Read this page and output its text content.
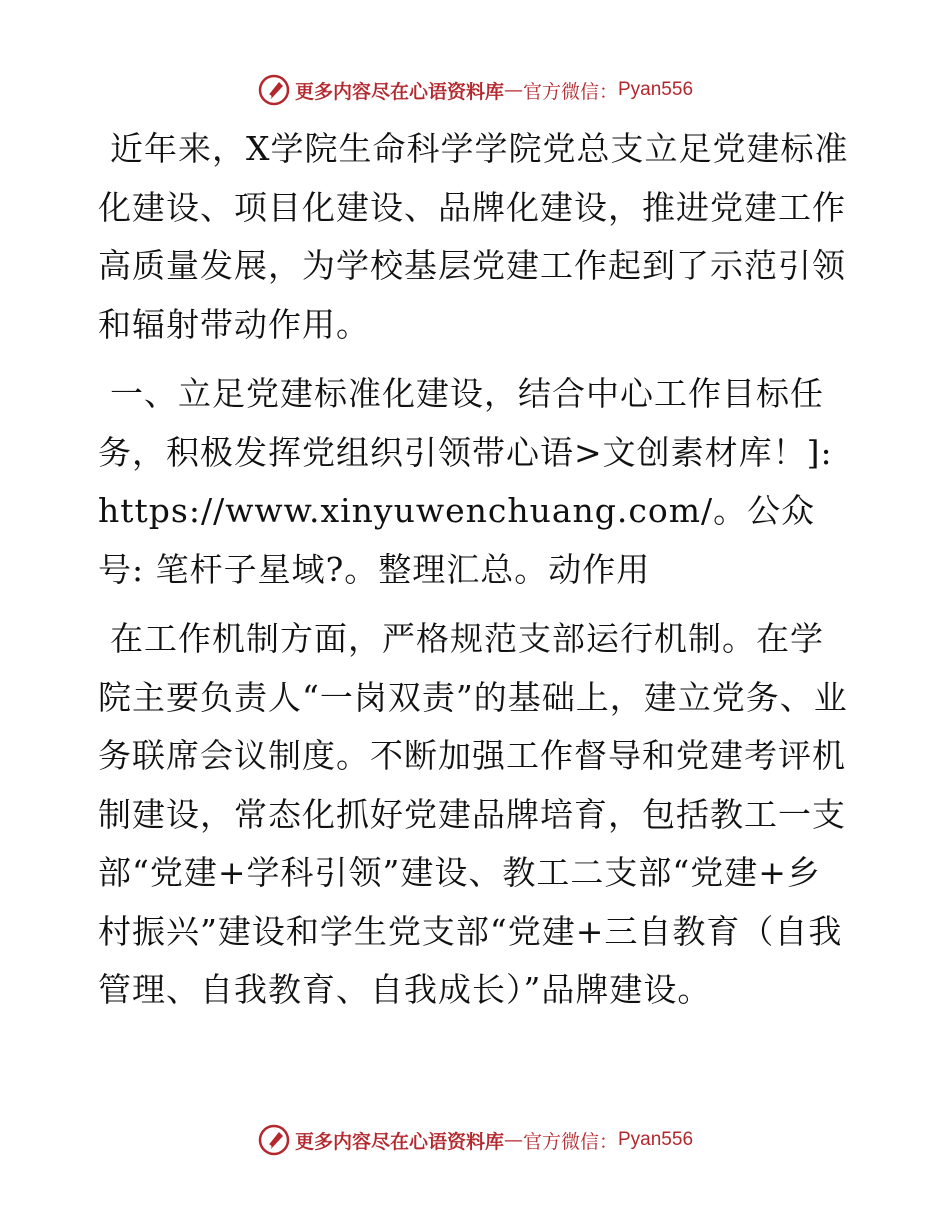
更多内容尽在心语资料库 — 官方微信： Pyan556

近年来，X学院生命科学学院党总支立足党建标准化建设、项目化建设、品牌化建设，推进党建工作高质量发展，为学校基层党建工作起到了示范引领和辐射带动作用。

一、立足党建标准化建设，结合中心工作目标任务，积极发挥党组织引领带心语>文创素材库！]: https://www.xinyuwenchuang.com/。公众号: 笔杆子星域?。整理汇总。动作用

在工作机制方面，严格规范支部运行机制。在学院主要负责人“一岗双责”的基础上，建立党务、业务联席会议制度。不断加强工作督导和党建考评机制建设，常态化抓好党建品牌培育，包括教工一支部“党建+学科引领”建设、教工二支部“党建+乡村振兴”建设和学生党支部“党建+三自教育（自我管理、自我教育、自我成长）”品牌建设。

更多内容尽在心语资料库 — 官方微信： Pyan556
